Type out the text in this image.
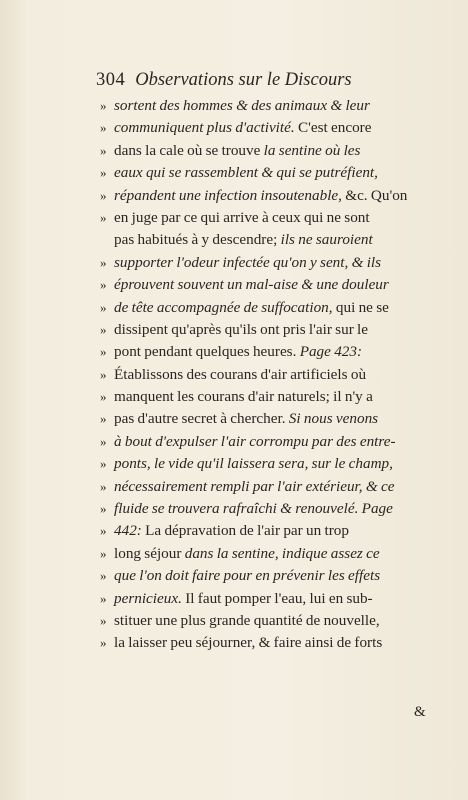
304 Observations sur le Discours
»sortent des hommes & des animaux & leur
»communiquent plus d'activité. C'est encore
»dans la cale où se trouve la sentine où les
»eaux qui se rassemblent & qui se putréfient,
»répandent une infection insoutenable, &c. Qu'on
»en juge par ce qui arrive à ceux qui ne sont
pas habitués à y descendre; ils ne sauroient
»supporter l'odeur infectée qu'on y sent, & ils
»éprouvent souvent un mal-aise & une douleur
»de tête accompagnée de suffocation, qui ne se
»dissipent qu'après qu'ils ont pris l'air sur le
»pont pendant quelques heures. Page 423:
»Établissons des courans d'air artificiels où
»manquent les courans d'air naturels; il n'y a
»pas d'autre secret à chercher. Si nous venons
»à bout d'expulser l'air corrompu par des entre-
»ponts, le vide qu'il laissera sera, sur le champ,
»nécessairement rempli par l'air extérieur, & ce
»fluide se trouvera rafraîchi & renouvelé. Page
»442: La dépravation de l'air par un trop
»long séjour dans la sentine, indique assez ce
»que l'on doit faire pour en prévenir les effets
»pernicieux. Il faut pomper l'eau, lui en sub-
»stituer une plus grande quantité de nouvelle,
»la laisser peu séjourner, & faire ainsi de forts
&
